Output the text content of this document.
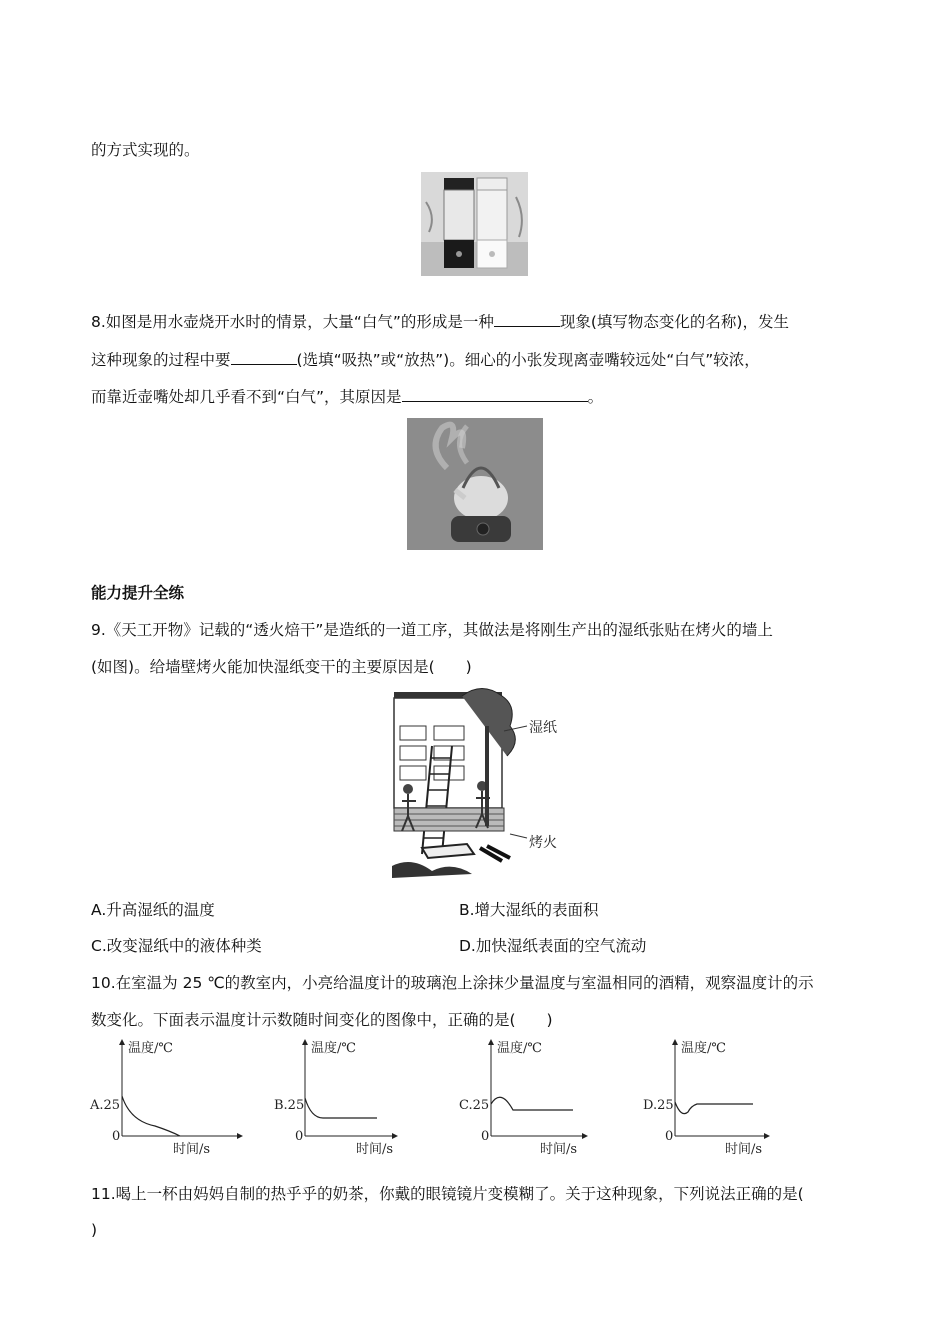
的方式实现的。
8.如图是用水壶烧开水时的情景，大量“白气”的形成是一种	现象(填写物态变化的名称)，发生
这种现象的过程中要	(选填“吸热”或“放热”)。细心的小张发现离壶嘴较远处“白气”较浓，
而靠近壶嘴处却几乎看不到“白气”，其原因是	。
能力提升全练
9.《天工开物》记载的“透火焙干”是造纸的一道工序，其做法是将刚生产出的湿纸张贴在烤火的墙上
(如图)。给墙壁烤火能加快湿纸变干的主要原因是(　　)
湿纸
烤火
A.升高湿纸的温度	B.增大湿纸的表面积
C.改变湿纸中的液体种类	D.加快湿纸表面的空气流动
10.在室温为 25 ℃的教室内，小亮给温度计的玻璃泡上涂抹少量温度与室温相同的酒精，观察温度计的示
数变化。下面表示温度计示数随时间变化的图像中，正确的是(　　)
温度/℃
时间/s
A.25
0
温度/℃
时间/s
B.25
0
温度/℃
时间/s
C.25
0
温度/℃
时间/s
D.25
0
11.喝上一杯由妈妈自制的热乎乎的奶茶，你戴的眼镜镜片变模糊了。关于这种现象，下列说法正确的是(
)
